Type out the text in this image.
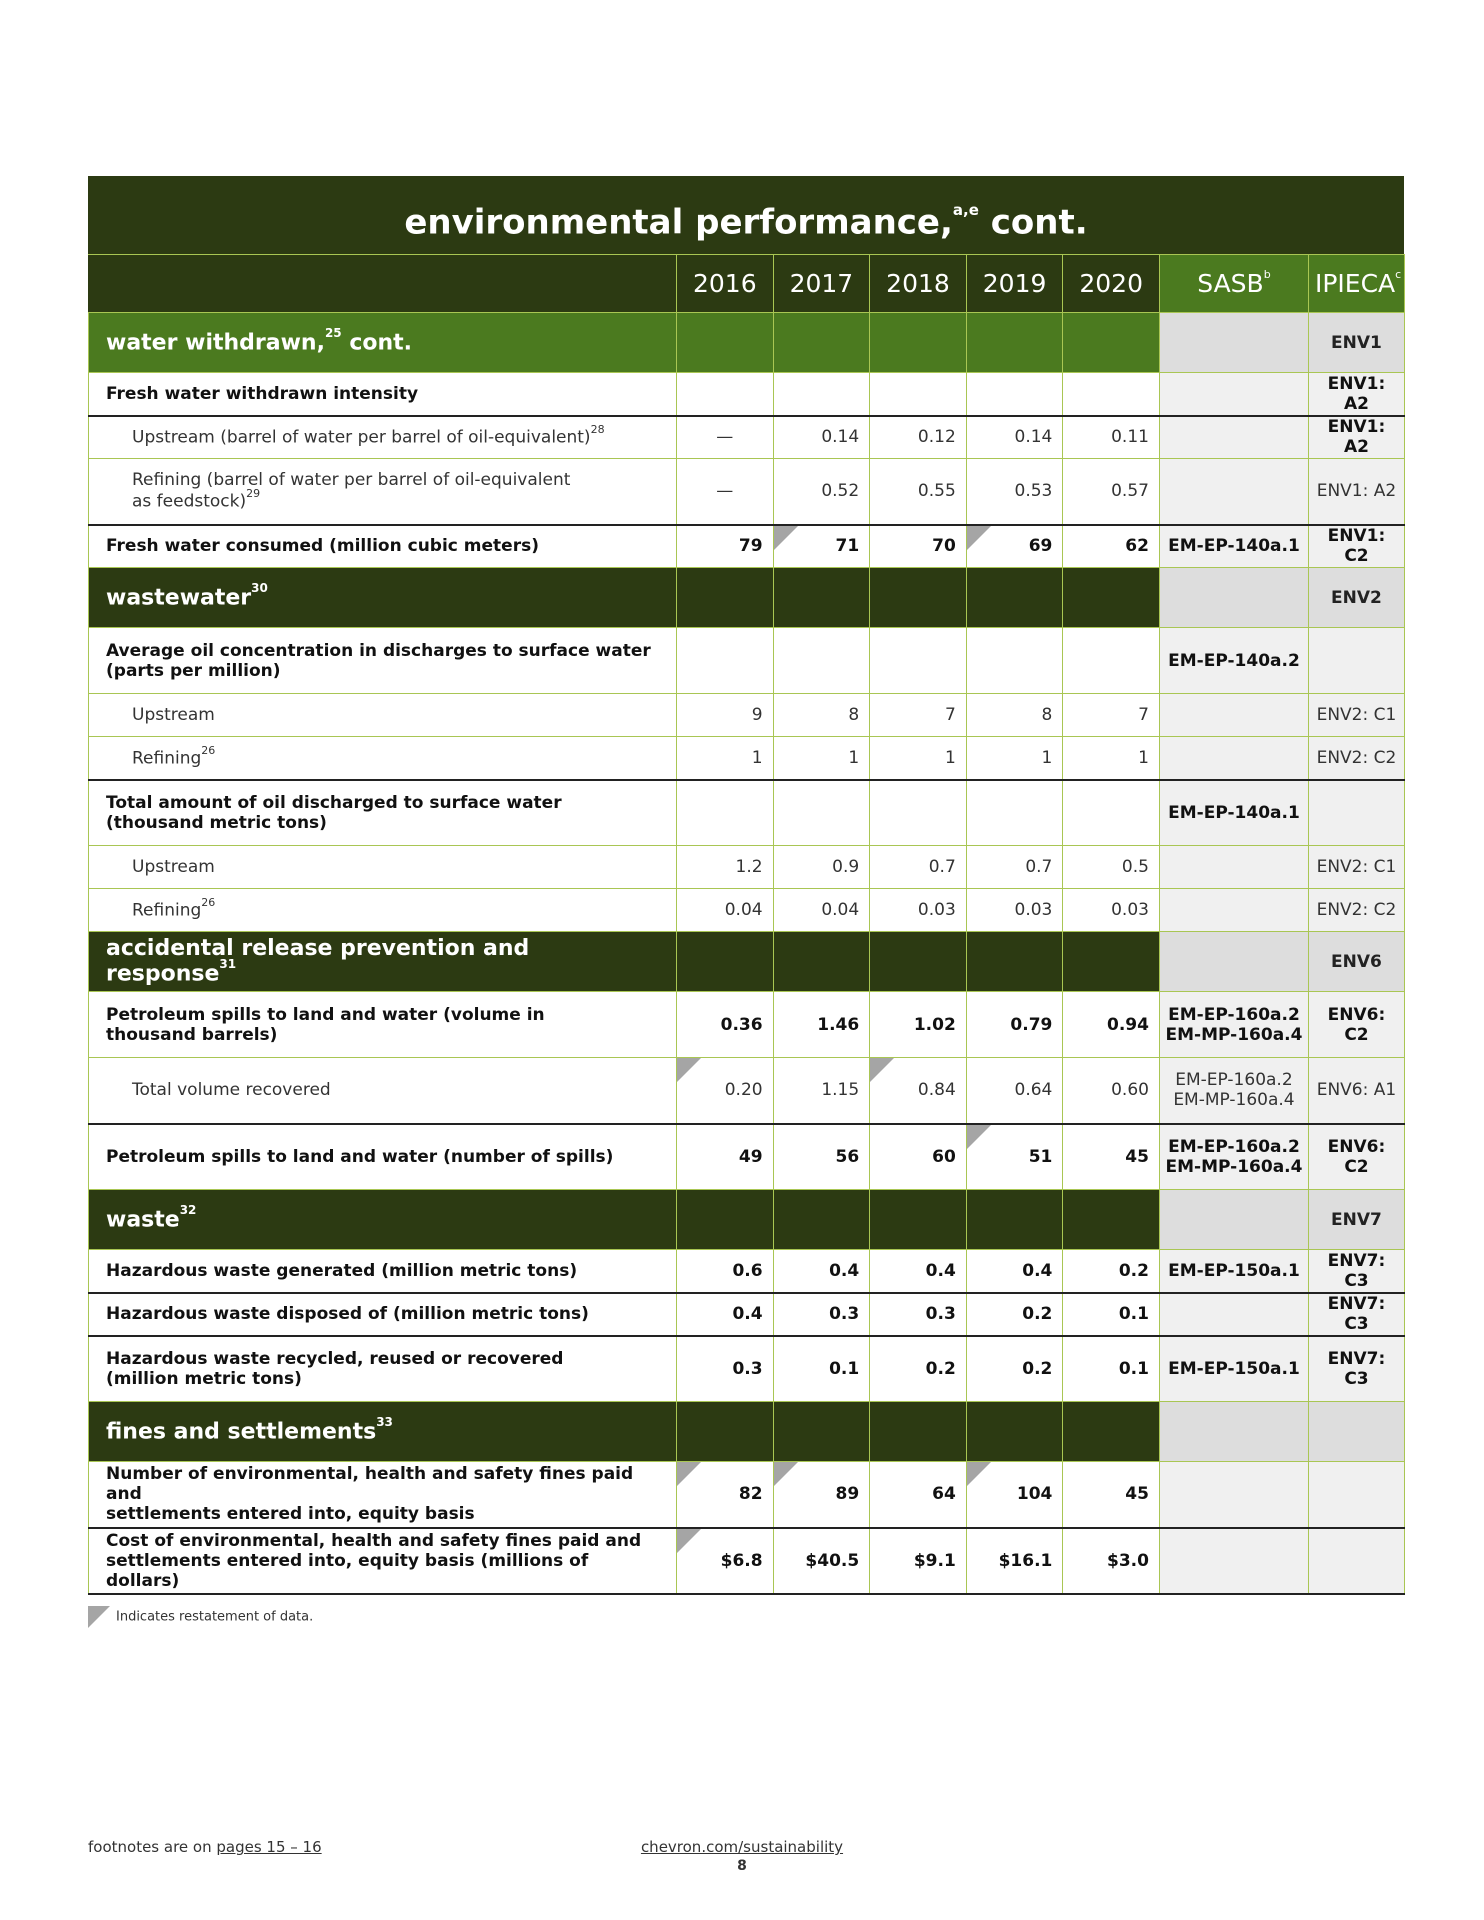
environmental performance,$^{a,e}$ cont.
	2016	2017	2018	2019	2020	SASB$^b$	IPIECA$^c$
water withdrawn,$^{25}$ cont.							ENV1
Fresh water withdrawn intensity							ENV1: A2
Upstream (barrel of water per barrel of oil-equivalent)$^{28}$	—	0.14	0.12	0.14	0.11		ENV1: A2
Refining (barrel of water per barrel of oil-equivalent
as feedstock)$^{29}$	—	0.52	0.55	0.53	0.57		ENV1: A2
Fresh water consumed (million cubic meters)	79	71	70	69	62	EM-EP-140a.1	ENV1: C2
wastewater$^{30}$							ENV2
Average oil concentration in discharges to surface water
(parts per million)						EM-EP-140a.2	
Upstream	9	8	7	8	7		ENV2: C1
Refining$^{26}$	1	1	1	1	1		ENV2: C2
Total amount of oil discharged to surface water
(thousand metric tons)						EM-EP-140a.1	
Upstream	1.2	0.9	0.7	0.7	0.5		ENV2: C1
Refining$^{26}$	0.04	0.04	0.03	0.03	0.03		ENV2: C2
accidental release prevention and response$^{31}$							ENV6
Petroleum spills to land and water (volume in
thousand barrels)	0.36	1.46	1.02	0.79	0.94	EM-EP-160a.2
EM-MP-160a.4	ENV6: C2
Total volume recovered	0.20	1.15	0.84	0.64	0.60	EM-EP-160a.2
EM-MP-160a.4	ENV6: A1
Petroleum spills to land and water (number of spills)	49	56	60	51	45	EM-EP-160a.2
EM-MP-160a.4	ENV6: C2
waste$^{32}$							ENV7
Hazardous waste generated (million metric tons)	0.6	0.4	0.4	0.4	0.2	EM-EP-150a.1	ENV7: C3
Hazardous waste disposed of (million metric tons)	0.4	0.3	0.3	0.2	0.1		ENV7: C3
Hazardous waste recycled, reused or recovered
(million metric tons)	0.3	0.1	0.2	0.2	0.1	EM-EP-150a.1	ENV7: C3
fines and settlements$^{33}$							
Number of environmental, health and safety fines paid and
settlements entered into, equity basis	82	89	64	104	45		
Cost of environmental, health and safety fines paid and
settlements entered into, equity basis (millions of dollars)	$6.8	$40.5	$9.1	$16.1	$3.0		
Indicates restatement of data.
footnotes are on pages 15 – 16	chevron.com/sustainability
8
